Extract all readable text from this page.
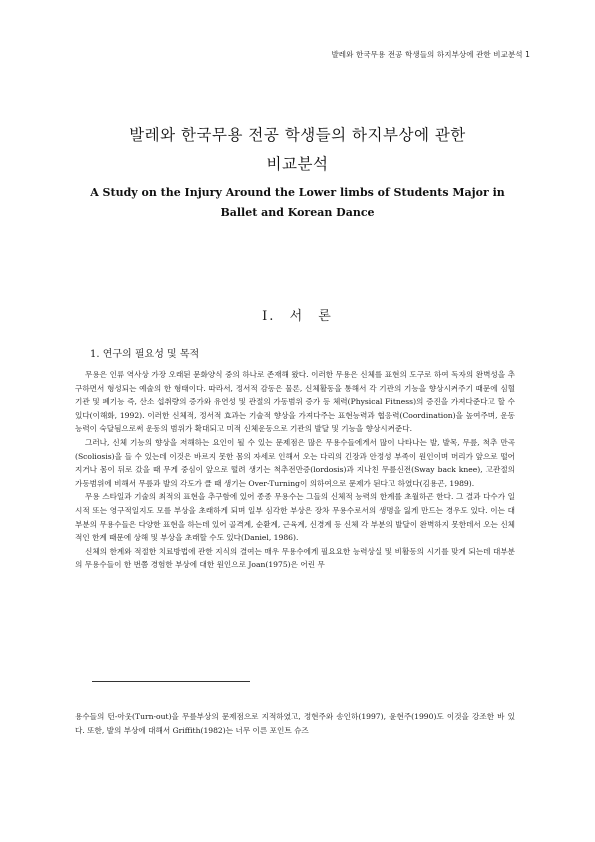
발레와 한국무용 전공 학생들의 하지부상에 관한 비교분석 1
발레와 한국무용 전공 학생들의 하지부상에 관한
비교분석
A Study on the Injury Around the Lower limbs of Students Major in
Ballet and Korean Dance
Ⅰ. 서 론
1. 연구의 필요성 및 목적

무용은 인류 역사상 가장 오래된 문화양식 중의 하나로 존재해 왔다. 이러한 무용은 신체를 표현의 도구로 하여 독자의 완벽성을 추구하면서 형성되는 예술의 한 형태이다. 따라서, 정서적 감동은 물론, 신체활동을 통해서 각 기관의 기능을 향상시켜주기 때문에 심혈기관 및 폐기능 즉, 산소 섭취량의 증가와 유연성 및 관절의 가동범위 증가 등 체력(Physical Fitness)의 증진을 가져다준다고 할 수 있다(이해화, 1992). 이러한 신체적, 정서적 효과는 기술적 향상을 가져다주는 표현능력과 협응력(Coordination)을 높여주며, 운동능력이 숙달됨으로써 운동의 범위가 확대되고 미적 신체운동으로 기관의 발달 및 기능을 향상시켜준다.

그러나, 신체 기능의 향상을 저해하는 요인이 될 수 있는 문제점은 많은 무용수들에게서 많이 나타나는 발, 발목, 무릎, 척추 만곡(Scoliosis)을 들 수 있는데 이것은 바르지 못한 몸의 자세로 인해서 오는 다리의 긴장과 안정성 부족이 원인이며 머리가 앞으로 떨어지거나 몸이 뒤로 갔을 때 무게 중심이 앞으로 떨려 생기는 척추전만증(lordosis)과 지나친 무릎신전(Sway back knee), 고관절의 가동범위에 비해서 무릎과 발의 각도가 클 때 생기는 Over-Turning이 의하여으로 문제가 된다고 하였다(김용곤, 1989).

무용 스타일과 기술의 최적의 표현을 추구함에 있어 종종 무용수는 그들의 신체적 능력의 한계를 초월하곤 한다. 그 결과 다수가 일시적 또는 영구적일지도 모를 부상을 초래하게 되며 일부 심각한 부상은 장차 무용수로서의 생명을 잃게 만드는 경우도 있다. 이는 대부분의 무용수들은 다양한 표현을 하는데 있어 골격계, 순환계, 근육계, 신경계 등 신체 각 부분의 발달이 완벽하지 못한데서 오는 신체적인 한계 때문에 상해 및 부상을 초래할 수도 있다(Daniel, 1986).

신체의 한계와 적절한 치료방법에 관한 지식의 결여는 매우 무용수에게 필요요한 능력상실 및 비활동의 시기를 맞게 되는데 대부분의 무용수들이 한 번쯤 경험한 부상에 대한 원인으로 Joan(1975)은 어린 무

용수들의 턴-아웃(Turn-out)을 무릎부상의 문제점으로 지적하였고, 정현주와 송인하(1997), 윤현주(1990)도 이것을 강조한 바 있다. 또한, 발의 부상에 대해서 Griffith(1982)는 너무 이른 포인트 슈즈
